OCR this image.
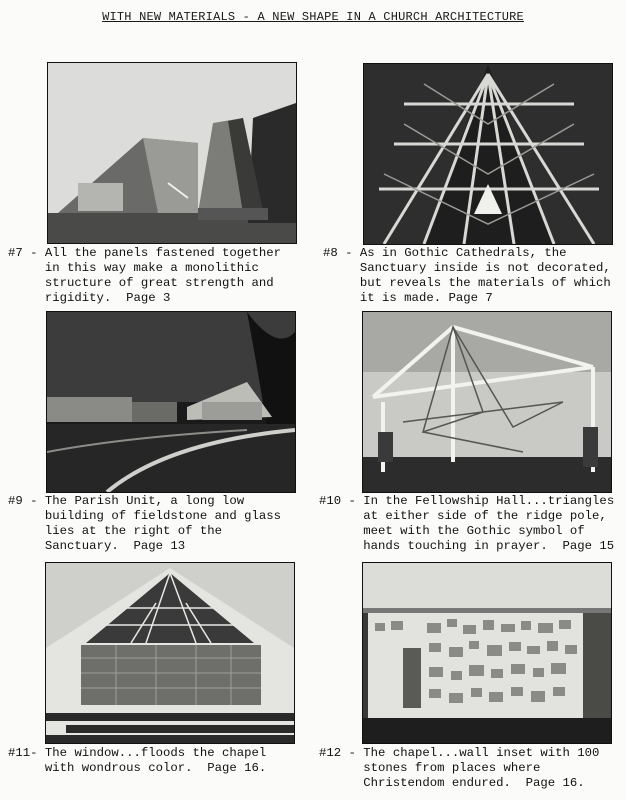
WITH NEW MATERIALS - A NEW SHAPE IN A CHURCH ARCHITECTURE
#7 - All the panels fastened together
in this way make a monolithic
structure of great strength and
rigidity.  Page 3
#8 - As in Gothic Cathedrals, the
Sanctuary inside is not decorated,
but reveals the materials of which
it is made. Page 7
#9 - The Parish Unit, a long low
building of fieldstone and glass
lies at the right of the
Sanctuary.  Page 13
#10 - In the Fellowship Hall...triangles
at either side of the ridge pole,
meet with the Gothic symbol of
hands touching in prayer.  Page 15
#11- The window...floods the chapel
with wondrous color.  Page 16.
#12 - The chapel...wall inset with 100
stones from places where
Christendom endured.  Page 16.
